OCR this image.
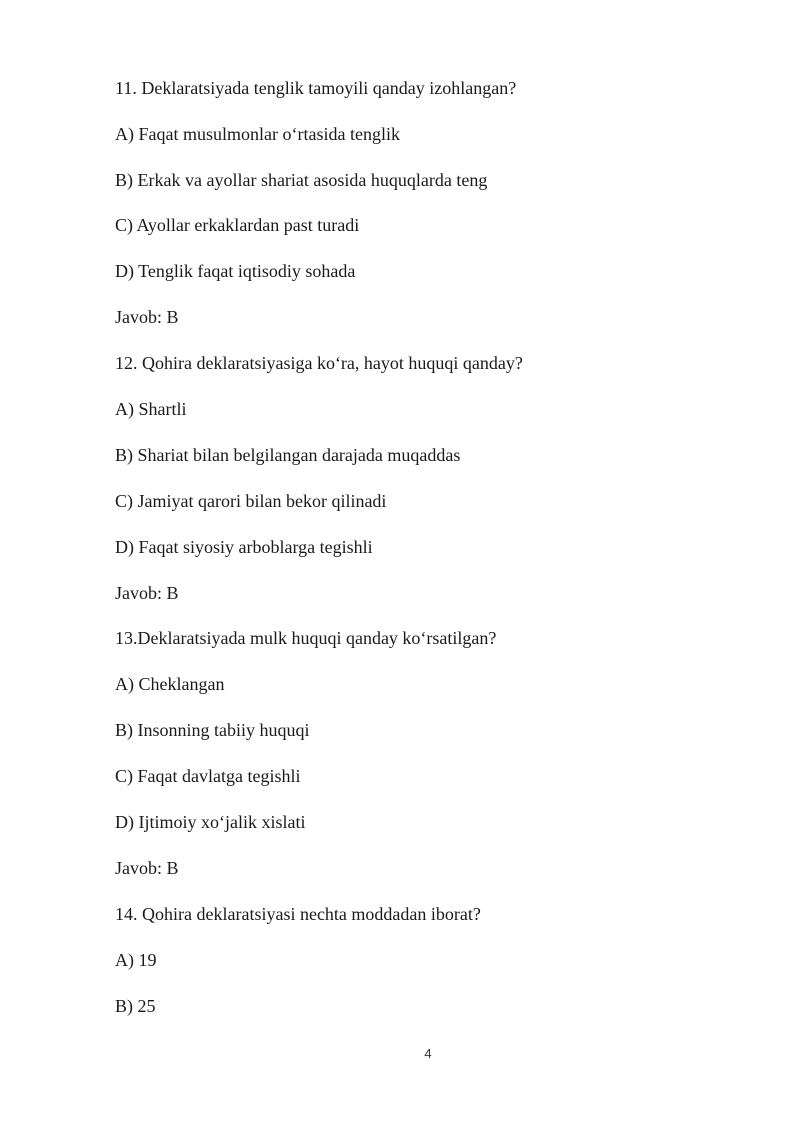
11. Deklaratsiyada tenglik tamoyili qanday izohlangan?
A) Faqat musulmonlar o‘rtasida tenglik
B) Erkak va ayollar shariat asosida huquqlarda teng
C) Ayollar erkaklardan past turadi
D) Tenglik faqat iqtisodiy sohada
Javob: B
12. Qohira deklaratsiyasiga ko‘ra, hayot huquqi qanday?
A) Shartli
B) Shariat bilan belgilangan darajada muqaddas
C) Jamiyat qarori bilan bekor qilinadi
D) Faqat siyosiy arboblarga tegishli
Javob: B
13.Deklaratsiyada mulk huquqi qanday ko‘rsatilgan?
A) Cheklangan
B) Insonning tabiiy huquqi
C) Faqat davlatga tegishli
D) Ijtimoiy xo‘jalik xislati
Javob: B
14. Qohira deklaratsiyasi nechta moddadan iborat?
A) 19
B) 25
4
